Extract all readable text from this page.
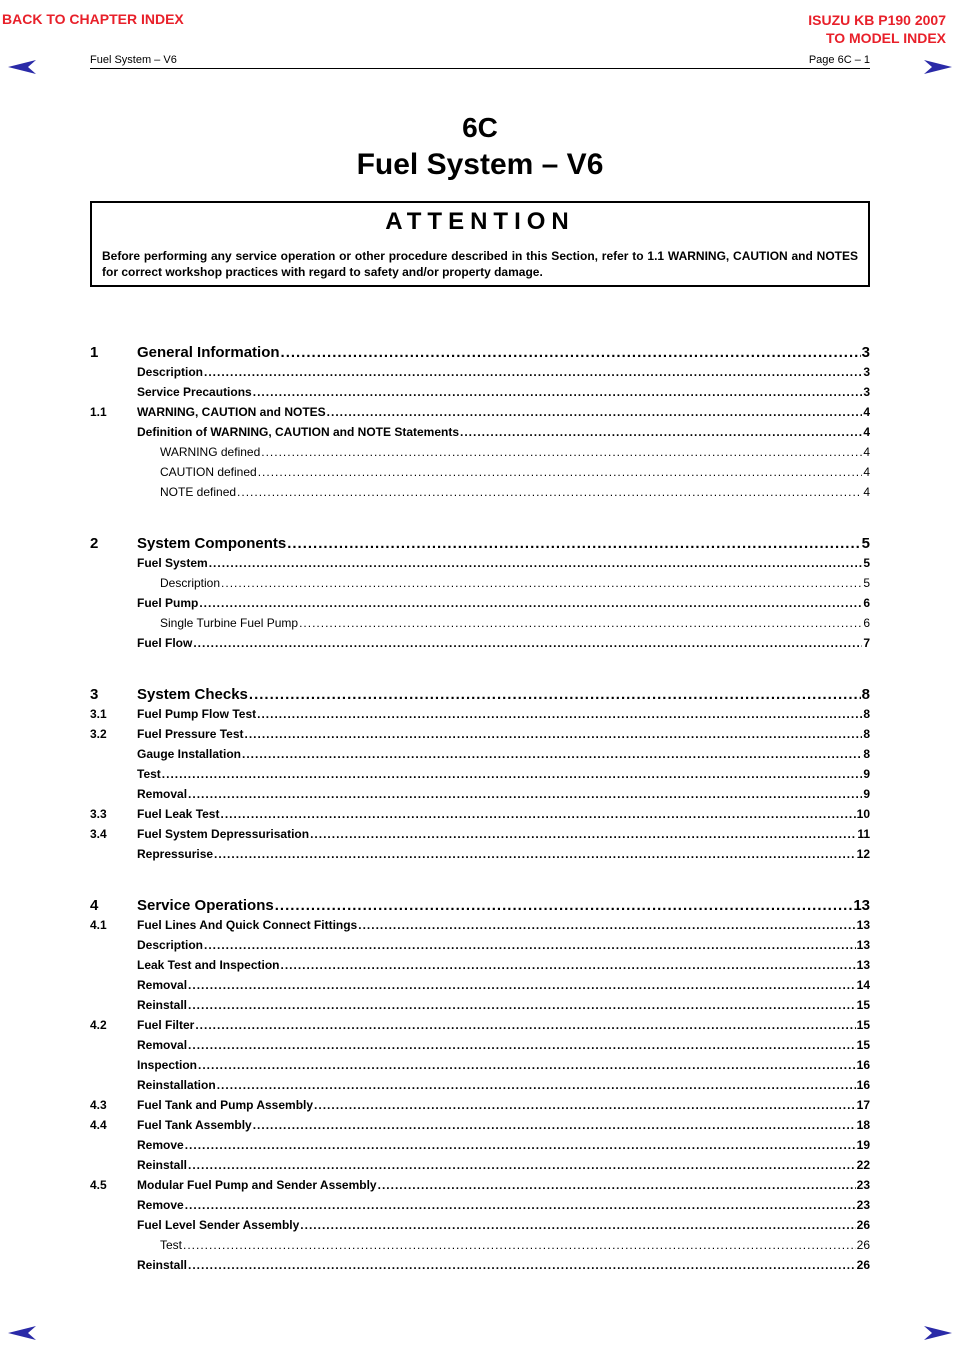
BACK TO CHAPTER INDEX	ISUZU KB P190 2007
TO MODEL INDEX
Fuel System – V6	Page 6C – 1
6C
Fuel System – V6
ATTENTION
Before performing any service operation or other procedure described in this Section, refer to 1.1 WARNING, CAUTION and NOTES for correct workshop practices with regard to safety and/or property damage.
1	General Information .....	3
Description .....	3
Service Precautions .....	3
1.1	WARNING, CAUTION and NOTES .....	4
Definition of WARNING, CAUTION and NOTE Statements .....	4
WARNING defined .....	4
CAUTION defined .....	4
NOTE defined .....	4
2	System Components .....	5
Fuel System .....	5
Description .....	5
Fuel Pump .....	6
Single Turbine Fuel Pump .....	6
Fuel Flow .....	7
3	System Checks .....	8
3.1	Fuel Pump Flow Test .....	8
3.2	Fuel Pressure Test .....	8
Gauge Installation .....	8
Test .....	9
Removal .....	9
3.3	Fuel Leak Test .....	10
3.4	Fuel System Depressurisation .....	11
Repressurise .....	12
4	Service Operations .....	13
4.1	Fuel Lines And Quick Connect Fittings .....	13
Description .....	13
Leak Test and Inspection .....	13
Removal .....	14
Reinstall .....	15
4.2	Fuel Filter .....	15
Removal .....	15
Inspection .....	16
Reinstallation .....	16
4.3	Fuel Tank and Pump Assembly .....	17
4.4	Fuel Tank Assembly .....	18
Remove .....	19
Reinstall .....	22
4.5	Modular Fuel Pump and Sender Assembly .....	23
Remove .....	23
Fuel Level Sender Assembly .....	26
Test .....	26
Reinstall .....	26
